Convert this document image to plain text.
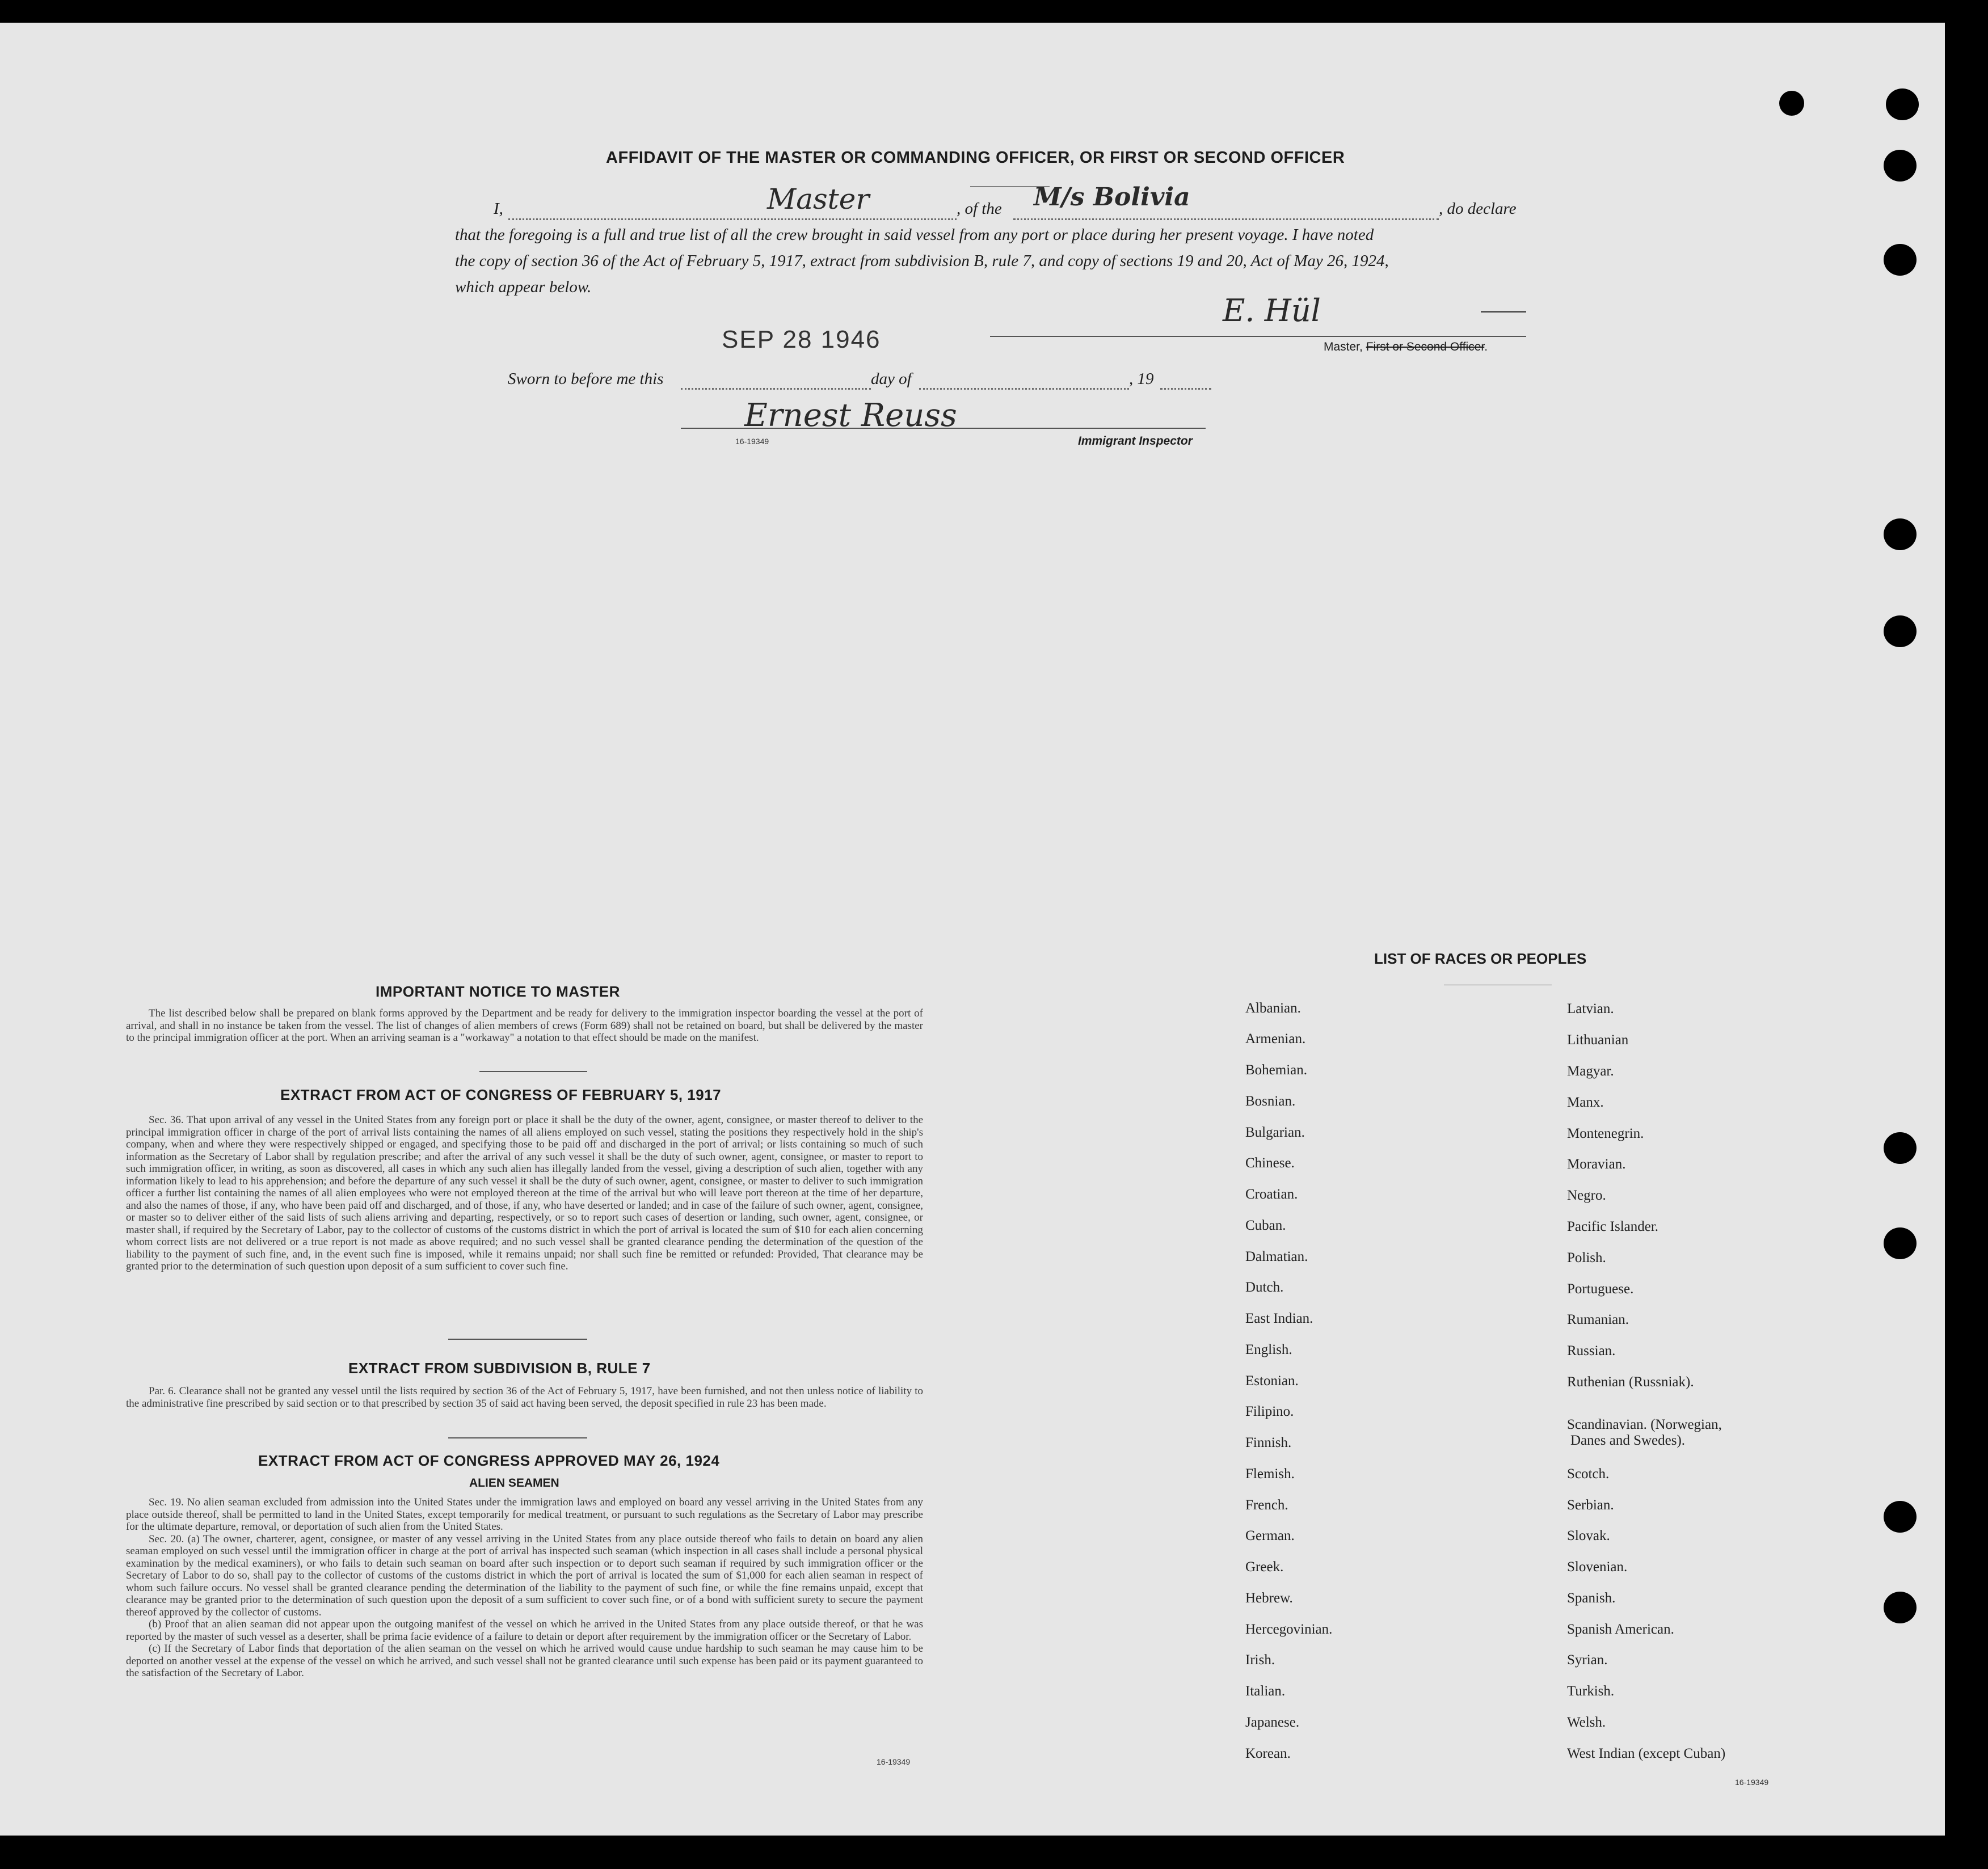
AFFIDAVIT OF THE MASTER OR COMMANDING OFFICER, OR FIRST OR SECOND OFFICER
I,	Master	, of the M/s Bolivia	, do declare
that the foregoing is a full and true list of all the crew brought in said vessel from any port or place during her present voyage. I have noted
the copy of section 36 of the Act of February 5, 1917, extract from subdivision B, rule 7, and copy of sections 19 and 20, Act of May 26, 1924,
which appear below.
SEP 28 1946
E. Hül
Master, First or Second Officer.
Sworn to before me this	day of	, 19
Ernest Reuss
16-19349	Immigrant Inspector
IMPORTANT NOTICE TO MASTER

The list described below shall be prepared on blank forms approved by the Department and be ready for delivery to the immigration inspector boarding the vessel at the port of arrival, and shall in no instance be taken from the vessel. The list of changes of alien members of crews (Form 689) shall not be retained on board, but shall be delivered by the master to the principal immigration officer at the port. When an arriving seaman is a "workaway" a notation to that effect should be made on the manifest.

EXTRACT FROM ACT OF CONGRESS OF FEBRUARY 5, 1917

Sec. 36. That upon arrival of any vessel in the United States from any foreign port or place it shall be the duty of the owner, agent, consignee, or master thereof to deliver to the principal immigration officer in charge of the port of arrival lists containing the names of all aliens employed on such vessel, stating the positions they respectively hold in the ship's company, when and where they were respectively shipped or engaged, and specifying those to be paid off and discharged in the port of arrival; or lists containing so much of such information as the Secretary of Labor shall by regulation prescribe; and after the arrival of any such vessel it shall be the duty of such owner, agent, consignee, or master to report to such immigration officer, in writing, as soon as discovered, all cases in which any such alien has illegally landed from the vessel, giving a description of such alien, together with any information likely to lead to his apprehension; and before the departure of any such vessel it shall be the duty of such owner, agent, consignee, or master to deliver to such immigration officer a further list containing the names of all alien employees who were not employed thereon at the time of the arrival but who will leave port thereon at the time of her departure, and also the names of those, if any, who have been paid off and discharged, and of those, if any, who have deserted or landed; and in case of the failure of such owner, agent, consignee, or master so to deliver either of the said lists of such aliens arriving and departing, respectively, or so to report such cases of desertion or landing, such owner, agent, consignee, or master shall, if required by the Secretary of Labor, pay to the collector of customs of the customs district in which the port of arrival is located the sum of $10 for each alien concerning whom correct lists are not delivered or a true report is not made as above required; and no such vessel shall be granted clearance pending the determination of the question of the liability to the payment of such fine, and, in the event such fine is imposed, while it remains unpaid; nor shall such fine be remitted or refunded: Provided, That clearance may be granted prior to the determination of such question upon deposit of a sum sufficient to cover such fine.

EXTRACT FROM SUBDIVISION B, RULE 7

Par. 6. Clearance shall not be granted any vessel until the lists required by section 36 of the Act of February 5, 1917, have been furnished, and not then unless notice of liability to the administrative fine prescribed by said section or to that prescribed by section 35 of said act having been served, the deposit specified in rule 23 has been made.

EXTRACT FROM ACT OF CONGRESS APPROVED MAY 26, 1924
ALIEN SEAMEN

Sec. 19. No alien seaman excluded from admission into the United States under the immigration laws and employed on board any vessel arriving in the United States from any place outside thereof, shall be permitted to land in the United States, except temporarily for medical treatment, or pursuant to such regulations as the Secretary of Labor may prescribe for the ultimate departure, removal, or deportation of such alien from the United States.

Sec. 20. (a) The owner, charterer, agent, consignee, or master of any vessel arriving in the United States from any place outside thereof who fails to detain on board any alien seaman employed on such vessel until the immigration officer in charge at the port of arrival has inspected such seaman (which inspection in all cases shall include a personal physical examination by the medical examiners), or who fails to detain such seaman on board after such inspection or to deport such seaman if required by such immigration officer or the Secretary of Labor to do so, shall pay to the collector of customs of the customs district in which the port of arrival is located the sum of $1,000 for each alien seaman in respect of whom such failure occurs. No vessel shall be granted clearance pending the determination of the liability to the payment of such fine, or while the fine remains unpaid, except that clearance may be granted prior to the determination of such question upon the deposit of a sum sufficient to cover such fine, or of a bond with sufficient surety to secure the payment thereof approved by the collector of customs.

(b) Proof that an alien seaman did not appear upon the outgoing manifest of the vessel on which he arrived in the United States from any place outside thereof, or that he was reported by the master of such vessel as a deserter, shall be prima facie evidence of a failure to detain or deport after requirement by the immigration officer or the Secretary of Labor.

(c) If the Secretary of Labor finds that deportation of the alien seaman on the vessel on which he arrived would cause undue hardship to such seaman he may cause him to be deported on another vessel at the expense of the vessel on which he arrived, and such vessel shall not be granted clearance until such expense has been paid or its payment guaranteed to the satisfaction of the Secretary of Labor.

16-19349
LIST OF RACES OR PEOPLES
Albanian.
Armenian.
Bohemian.
Bosnian.
Bulgarian.
Chinese.
Croatian.
Cuban.
Dalmatian.
Dutch.
East Indian.
English.
Estonian.
Filipino.
Finnish.
Flemish.
French.
German.
Greek.
Hebrew.
Hercegovinian.
Irish.
Italian.
Japanese.
Korean.
Latvian.
Lithuanian
Magyar.
Manx.
Montenegrin.
Moravian.
Negro.
Pacific Islander.
Polish.
Portuguese.
Rumanian.
Russian.
Ruthenian (Russniak).
Scandinavian. (Norwegian,
Scotch.
Serbian.
Slovak.
Slovenian.
Spanish.
Spanish American.
Syrian.
Turkish.
Welsh.
West Indian (except Cuban)
Danes and Swedes).
16-19349
